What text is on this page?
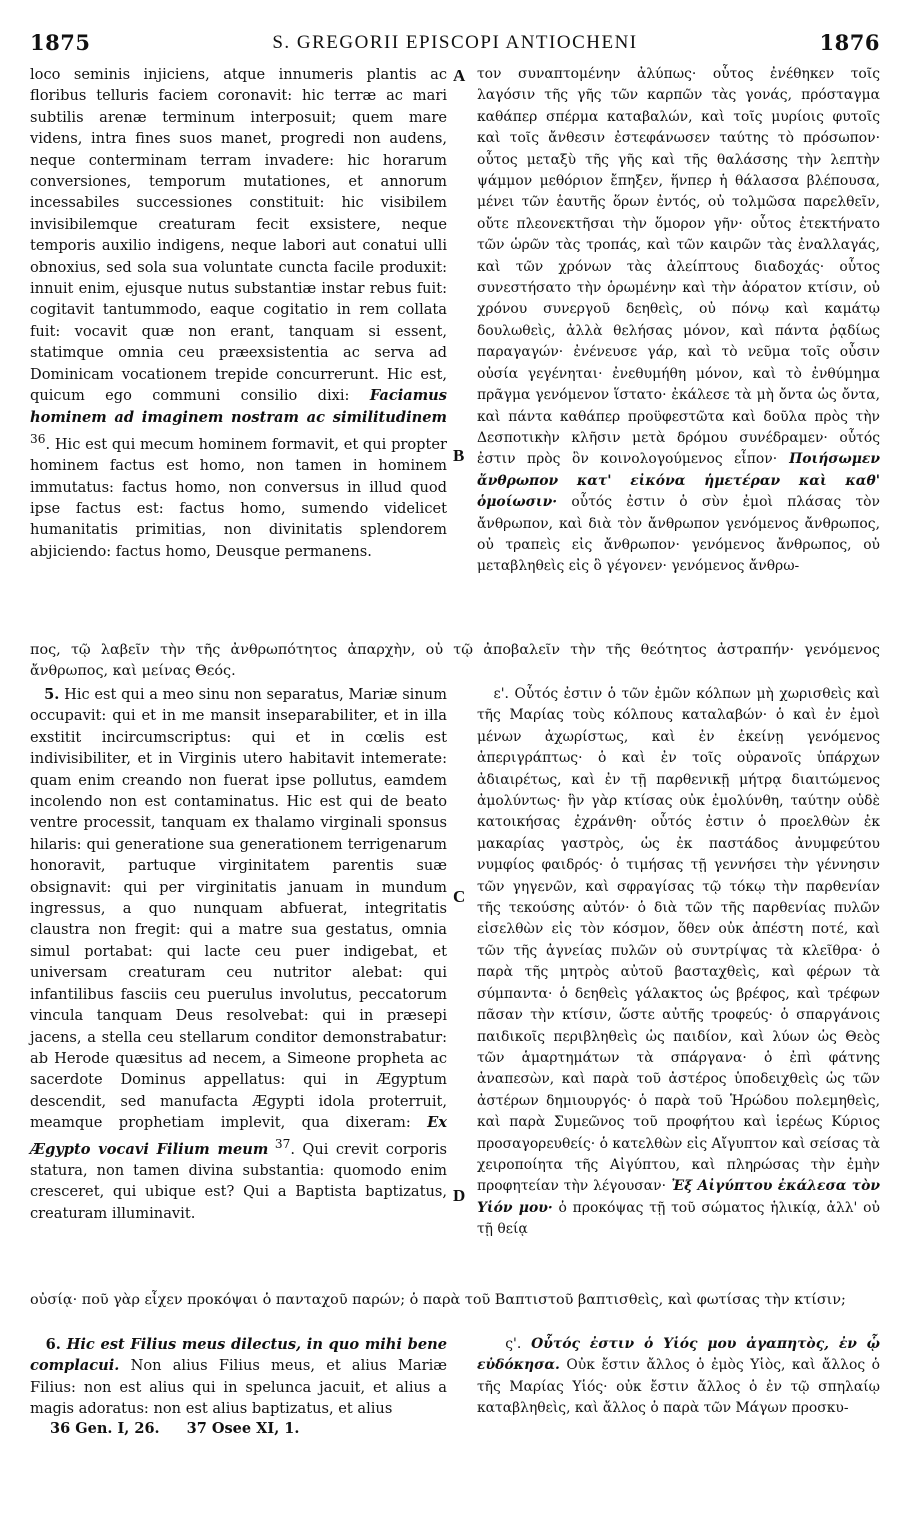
1875	S. GREGORII EPISCOPI ANTIOCHENI	1876
A
B
C
D

loco seminis injiciens, atque innumeris plantis ac floribus telluris faciem coronavit: hic terræ ac mari subtilis arenæ terminum interposuit; quem mare videns, intra fines suos manet, progredi non audens, neque conterminam terram invadere: hic horarum conversiones, temporum mutationes, et annorum incessabiles successiones constituit: hic visibilem invisibilemque creaturam fecit exsistere, neque temporis auxilio indigens, neque labori aut conatui ulli obnoxius, sed sola sua voluntate cuncta facile produxit: innuit enim, ejusque nutus substantiæ instar rebus fuit: cogitavit tantummodo, eaque cogitatio in rem collata fuit: vocavit quæ non erant, tanquam si essent, statimque omnia ceu præexsistentia ac serva ad Dominicam vocationem trepide concurrerunt. Hic est, quicum ego communi consilio dixi: Faciamus hominem ad imaginem nostram ac similitudinem $^{36}$. Hic est qui mecum hominem formavit, et qui propter hominem factus est homo, non tamen in hominem immutatus: factus homo, non conversus in illud quod ipse factus est: factus homo, sumendo videlicet humanitatis primitias, non divinitatis splendorem abjiciendo: factus homo, Deusque permanens.

τον συναπτομένην ἀλύπως· οὗτος ἐνέθηκεν τοῖς λαγόσιν τῆς γῆς τῶν καρπῶν τὰς γονάς, πρόσταγμα καθάπερ σπέρμα καταβαλών, καὶ τοῖς μυρίοις φυτοῖς καὶ τοῖς ἄνθεσιν ἐστεφάνωσεν ταύτης τὸ πρόσωπον· οὗτος μεταξὺ τῆς γῆς καὶ τῆς θαλάσσης τὴν λεπτὴν ψάμμον μεθόριον ἔπηξεν, ἥνπερ ἡ θάλασσα βλέπουσα, μένει τῶν ἑαυτῆς ὅρων ἐντός, οὐ τολμῶσα παρελθεῖν, οὔτε πλεονεκτῆσαι τὴν ὅμορον γῆν· οὗτος ἐτεκτήνατο τῶν ὡρῶν τὰς τροπάς, καὶ τῶν καιρῶν τὰς ἐναλλαγάς, καὶ τῶν χρόνων τὰς ἀλείπτους διαδοχάς· οὗτος συνεστήσατο τὴν ὁρωμένην καὶ τὴν ἀόρατον κτίσιν, οὐ χρόνου συνεργοῦ δεηθεὶς, οὐ πόνῳ καὶ καμάτῳ δουλωθεὶς, ἀλλὰ θελήσας μόνον, καὶ πάντα ῥᾳδίως παραγαγών· ἐνένευσε γάρ, καὶ τὸ νεῦμα τοῖς οὖσιν οὐσία γεγένηται· ἐνεθυμήθη μόνον, καὶ τὸ ἐνθύμημα πρᾶγμα γενόμενον ἵστατο· ἐκάλεσε τὰ μὴ ὄντα ὡς ὄντα, καὶ πάντα καθάπερ προϋφεστῶτα καὶ δοῦλα πρὸς τὴν Δεσποτικὴν κλῆσιν μετὰ δρόμου συνέδραμεν· οὗτός ἐστιν πρὸς ὃν κοινολογούμενος εἶπον· Ποιήσωμεν ἄνθρωπον κατ' εἰκόνα ἡμετέραν καὶ καθ' ὁμοίωσιν· οὗτός ἐστιν ὁ σὺν ἐμοὶ πλάσας τὸν ἄνθρωπον, καὶ διὰ τὸν ἄνθρωπον γενόμενος ἄνθρωπος, οὐ τραπεὶς εἰς ἄνθρωπον· γενόμενος ἄνθρωπος, οὐ μεταβληθεὶς εἰς ὃ γέγονεν· γενόμενος ἄνθρω-

πος, τῷ λαβεῖν τὴν τῆς ἀνθρωπότητος ἀπαρχὴν, οὐ τῷ ἀποβαλεῖν τὴν τῆς θεότητος ἀστραπήν· γενόμενος ἄνθρωπος, καὶ μείνας Θεός.

5. Hic est qui a meo sinu non separatus, Mariæ sinum occupavit: qui et in me mansit inseparabiliter, et in illa exstitit incircumscriptus: qui et in cœlis est indivisibiliter, et in Virginis utero habitavit intemerate: quam enim creando non fuerat ipse pollutus, eamdem incolendo non est contaminatus. Hic est qui de beato ventre processit, tanquam ex thalamo virginali sponsus hilaris: qui generatione sua generationem terrigenarum honoravit, partuque virginitatem parentis suæ obsignavit: qui per virginitatis januam in mundum ingressus, a quo nunquam abfuerat, integritatis claustra non fregit: qui a matre sua gestatus, omnia simul portabat: qui lacte ceu puer indigebat, et universam creaturam ceu nutritor alebat: qui infantilibus fasciis ceu puerulus involutus, peccatorum vincula tanquam Deus resolvebat: qui in præsepi jacens, a stella ceu stellarum conditor demonstrabatur: ab Herode quæsitus ad necem, a Simeone propheta ac sacerdote Dominus appellatus: qui in Ægyptum descendit, sed manufacta Ægypti idola proterruit, meamque prophetiam implevit, qua dixeram: Ex Ægypto vocavi Filium meum $^{37}$. Qui crevit corporis statura, non tamen divina substantia: quomodo enim cresceret, qui ubique est? Qui a Baptista baptizatus, creaturam illuminavit.

ε'. Οὗτός ἐστιν ὁ τῶν ἐμῶν κόλπων μὴ χωρισθεὶς καὶ τῆς Μαρίας τοὺς κόλπους καταλαβών· ὁ καὶ ἐν ἐμοὶ μένων ἀχωρίστως, καὶ ἐν ἐκείνῃ γενόμενος ἀπεριγράπτως· ὁ καὶ ἐν τοῖς οὐρανοῖς ὑπάρχων ἀδιαιρέτως, καὶ ἐν τῇ παρθενικῇ μήτρᾳ διαιτώμενος ἀμολύντως· ἣν γὰρ κτίσας οὐκ ἐμολύνθη, ταύτην οὐδὲ κατοικήσας ἐχράνθη· οὗτός ἐστιν ὁ προελθὼν ἐκ μακαρίας γαστρὸς, ὡς ἐκ παστάδος ἀνυμφεύτου νυμφίος φαιδρός· ὁ τιμήσας τῇ γεννήσει τὴν γέννησιν τῶν γηγενῶν, καὶ σφραγίσας τῷ τόκῳ τὴν παρθενίαν τῆς τεκούσης αὐτόν· ὁ διὰ τῶν τῆς παρθενίας πυλῶν εἰσελθὼν εἰς τὸν κόσμον, ὅθεν οὐκ ἀπέστη ποτέ, καὶ τῶν τῆς ἁγνείας πυλῶν οὐ συντρίψας τὰ κλεῖθρα· ὁ παρὰ τῆς μητρὸς αὐτοῦ βασταχθεὶς, καὶ φέρων τὰ σύμπαντα· ὁ δεηθεὶς γάλακτος ὡς βρέφος, καὶ τρέφων πᾶσαν τὴν κτίσιν, ὥστε αὐτῆς τροφεύς· ὁ σπαργάνοις παιδικοῖς περιβληθεὶς ὡς παιδίον, καὶ λύων ὡς Θεὸς τῶν ἁμαρτημάτων τὰ σπάργανα· ὁ ἐπὶ φάτνης ἀναπεσὼν, καὶ παρὰ τοῦ ἀστέρος ὑποδειχθεὶς ὡς τῶν ἀστέρων δημιουργός· ὁ παρὰ τοῦ Ἡρώδου πολεμηθεὶς, καὶ παρὰ Συμεῶνος τοῦ προφήτου καὶ ἱερέως Κύριος προσαγορευθείς· ὁ κατελθὼν εἰς Αἴγυπτον καὶ σείσας τὰ χειροποίητα τῆς Αἰγύπτου, καὶ πληρώσας τὴν ἐμὴν προφητείαν τὴν λέγουσαν· Ἐξ Αἰγύπτου ἐκάλεσα τὸν Υἱόν μου· ὁ προκόψας τῇ τοῦ σώματος ἡλικίᾳ, ἀλλ' οὐ τῇ θείᾳ

οὐσίᾳ· ποῦ γὰρ εἶχεν προκόψαι ὁ πανταχοῦ παρών; ὁ παρὰ τοῦ Βαπτιστοῦ βαπτισθεὶς, καὶ φωτίσας τὴν κτίσιν;

6. Hic est Filius meus dilectus, in quo mihi bene complacui. Non alius Filius meus, et alius Mariæ Filius: non est alius qui in spelunca jacuit, et alius a magis adoratus: non est alius baptizatus, et alius

ς'. Οὗτός ἐστιν ὁ Υἱός μου ἀγαπητὸς, ἐν ᾧ εὐδόκησα. Οὐκ ἔστιν ἄλλος ὁ ἐμὸς Υἱὸς, καὶ ἄλλος ὁ τῆς Μαρίας Υἱός· οὐκ ἔστιν ἄλλος ὁ ἐν τῷ σπηλαίῳ καταβληθεὶς, καὶ ἄλλος ὁ παρὰ τῶν Μάγων προσκυ-

36 Gen. I, 26. 37 Osee XI, 1.
